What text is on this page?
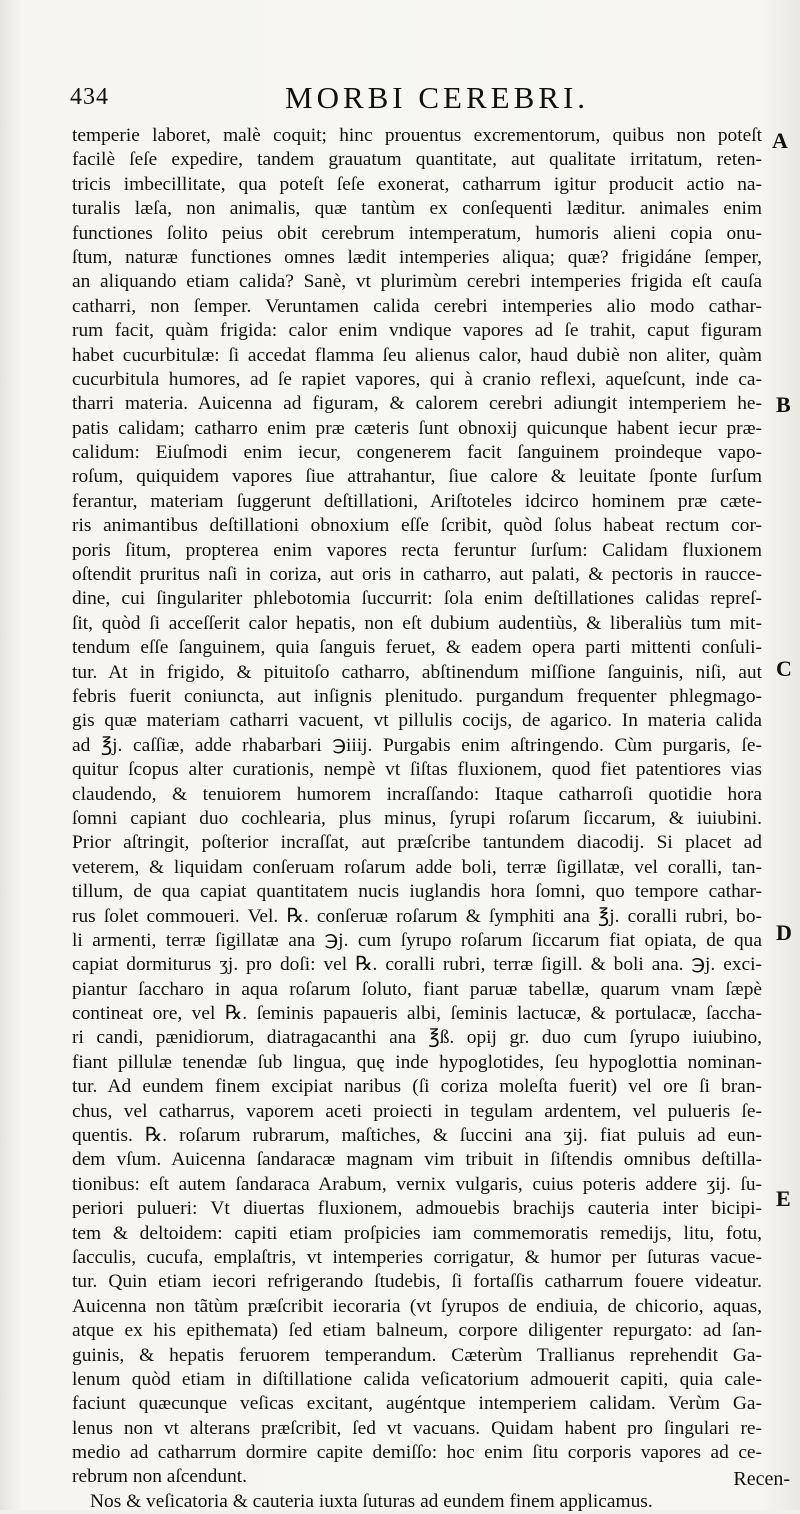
434	MORBI CEREBRI.
temperie laboret, malè coquit; hinc prouentus excrementorum, quibus non poteſt
facilè ſeſe expedire, tandem grauatum quantitate, aut qualitate irritatum, reten-
tricis imbecillitate, qua poteſt ſeſe exonerat, catharrum igitur producit actio na-
turalis læſa, non animalis, quæ tantùm ex conſequenti læditur. animales enim
functiones ſolito peius obit cerebrum intemperatum, humoris alieni copia onu-
ſtum, naturæ functiones omnes lædit intemperies aliqua; quæ? frigidáne ſemper,
an aliquando etiam calida? Sanè, vt plurimùm cerebri intemperies frigida eſt cauſa
catharri, non ſemper. Veruntamen calida cerebri intemperies alio modo cathar-
rum facit, quàm frigida: calor enim vndique vapores ad ſe trahit, caput figuram
habet cucurbitulæ: ſi accedat flamma ſeu alienus calor, haud dubiè non aliter, quàm
cucurbitula humores, ad ſe rapiet vapores, qui à cranio reflexi, aqueſcunt, inde ca-
tharri materia. Auicenna ad figuram, & calorem cerebri adiungit intemperiem he-
patis calidam; catharro enim præ cæteris ſunt obnoxij quicunque habent iecur præ-
calidum: Eiuſmodi enim iecur, congenerem facit ſanguinem proindeque vapo-
roſum, quiquidem vapores ſiue attrahantur, ſiue calore & leuitate ſponte ſurſum
ferantur, materiam ſuggerunt deſtillationi, Ariſtoteles idcirco hominem præ cæte-
ris animantibus deſtillationi obnoxium eſſe ſcribit, quòd ſolus habeat rectum cor-
poris ſitum, propterea enim vapores recta feruntur ſurſum: Calidam fluxionem
oſtendit pruritus naſi in coriza, aut oris in catharro, aut palati, & pectoris in raucce-
dine, cui ſingulariter phlebotomia ſuccurrit: ſola enim deſtillationes calidas repreſ-
ſit, quòd ſi acceſſerit calor hepatis, non eſt dubium audentiùs, & liberaliùs tum mit-
tendum eſſe ſanguinem, quia ſanguis feruet, & eadem opera parti mittenti conſuli-
tur. At in frigido, & pituitoſo catharro, abſtinendum miſſione ſanguinis, niſi, aut
febris fuerit coniuncta, aut inſignis plenitudo. purgandum frequenter phlegmago-
gis quæ materiam catharri vacuent, vt pillulis cocijs, de agarico. In materia calida
ad ℥j. caſſiæ, adde rhabarbari ℈iiij. Purgabis enim aſtringendo. Cùm purgaris, ſe-
quitur ſcopus alter curationis, nempè vt ſiſtas fluxionem, quod fiet patentiores vias
claudendo, & tenuiorem humorem incraſſando: Itaque catharroſi quotidie hora
ſomni capiant duo cochlearia, plus minus, ſyrupi roſarum ſiccarum, & iuiubini.
Prior aſtringit, poſterior incraſſat, aut præſcribe tantundem diacodij. Si placet ad
veterem, & liquidam conſeruam roſarum adde boli, terræ ſigillatæ, vel coralli, tan-
tillum, de qua capiat quantitatem nucis iuglandis hora ſomni, quo tempore cathar-
rus ſolet commoueri. Vel. ℞. conſeruæ roſarum & ſymphiti ana ℥j. coralli rubri, bo-
li armenti, terræ ſigillatæ ana ℈j. cum ſyrupo roſarum ſiccarum fiat opiata, de qua
capiat dormiturus ʒj. pro doſi: vel ℞. coralli rubri, terræ ſigill. & boli ana. ℈j. exci-
piantur ſaccharo in aqua roſarum ſoluto, fiant paruæ tabellæ, quarum vnam ſæpè
contineat ore, vel ℞. ſeminis papaueris albi, ſeminis lactucæ, & portulacæ, ſaccha-
ri candi, pænidiorum, diatragacanthi ana ℥ß. opij gr. duo cum ſyrupo iuiubino,
fiant pillulæ tenendæ ſub lingua, quę inde hypoglotides, ſeu hypoglottia nominan-
tur. Ad eundem finem excipiat naribus (ſi coriza moleſta fuerit) vel ore ſi bran-
chus, vel catharrus, vaporem aceti proiecti in tegulam ardentem, vel pulueris ſe-
quentis. ℞. roſarum rubrarum, maſtiches, & ſuccini ana ʒij. fiat puluis ad eun-
dem vſum. Auicenna ſandaracæ magnam vim tribuit in ſiſtendis omnibus deſtilla-
tionibus: eſt autem ſandaraca Arabum, vernix vulgaris, cuius poteris addere ʒij. ſu-
periori pulueri: Vt diuertas fluxionem, admouebis brachijs cauteria inter bicipi-
tem & deltoidem: capiti etiam proſpicies iam commemoratis remedijs, litu, fotu,
ſacculis, cucufa, emplaſtris, vt intemperies corrigatur, & humor per ſuturas vacue-
tur. Quin etiam iecori refrigerando ſtudebis, ſi fortaſſis catharrum fouere videatur.
Auicenna non tãtùm præſcribit iecoraria (vt ſyrupos de endiuia, de chicorio, aquas,
atque ex his epithemata) ſed etiam balneum, corpore diligenter repurgato: ad ſan-
guinis, & hepatis feruorem temperandum. Cæterùm Trallianus reprehendit Ga-
lenum quòd etiam in diſtillatione calida veſicatorium admouerit capiti, quia cale-
faciunt quæcunque veſicas excitant, augéntque intemperiem calidam. Verùm Ga-
lenus non vt alterans præſcribit, ſed vt vacuans. Quidam habent pro ſingulari re-
medio ad catharrum dormire capite demiſſo: hoc enim ſitu corporis vapores ad ce-
rebrum non aſcendunt.
Nos & veſicatoria & cauteria iuxta ſuturas ad eundem finem applicamus.
A
B
C
D
E
Recen-
